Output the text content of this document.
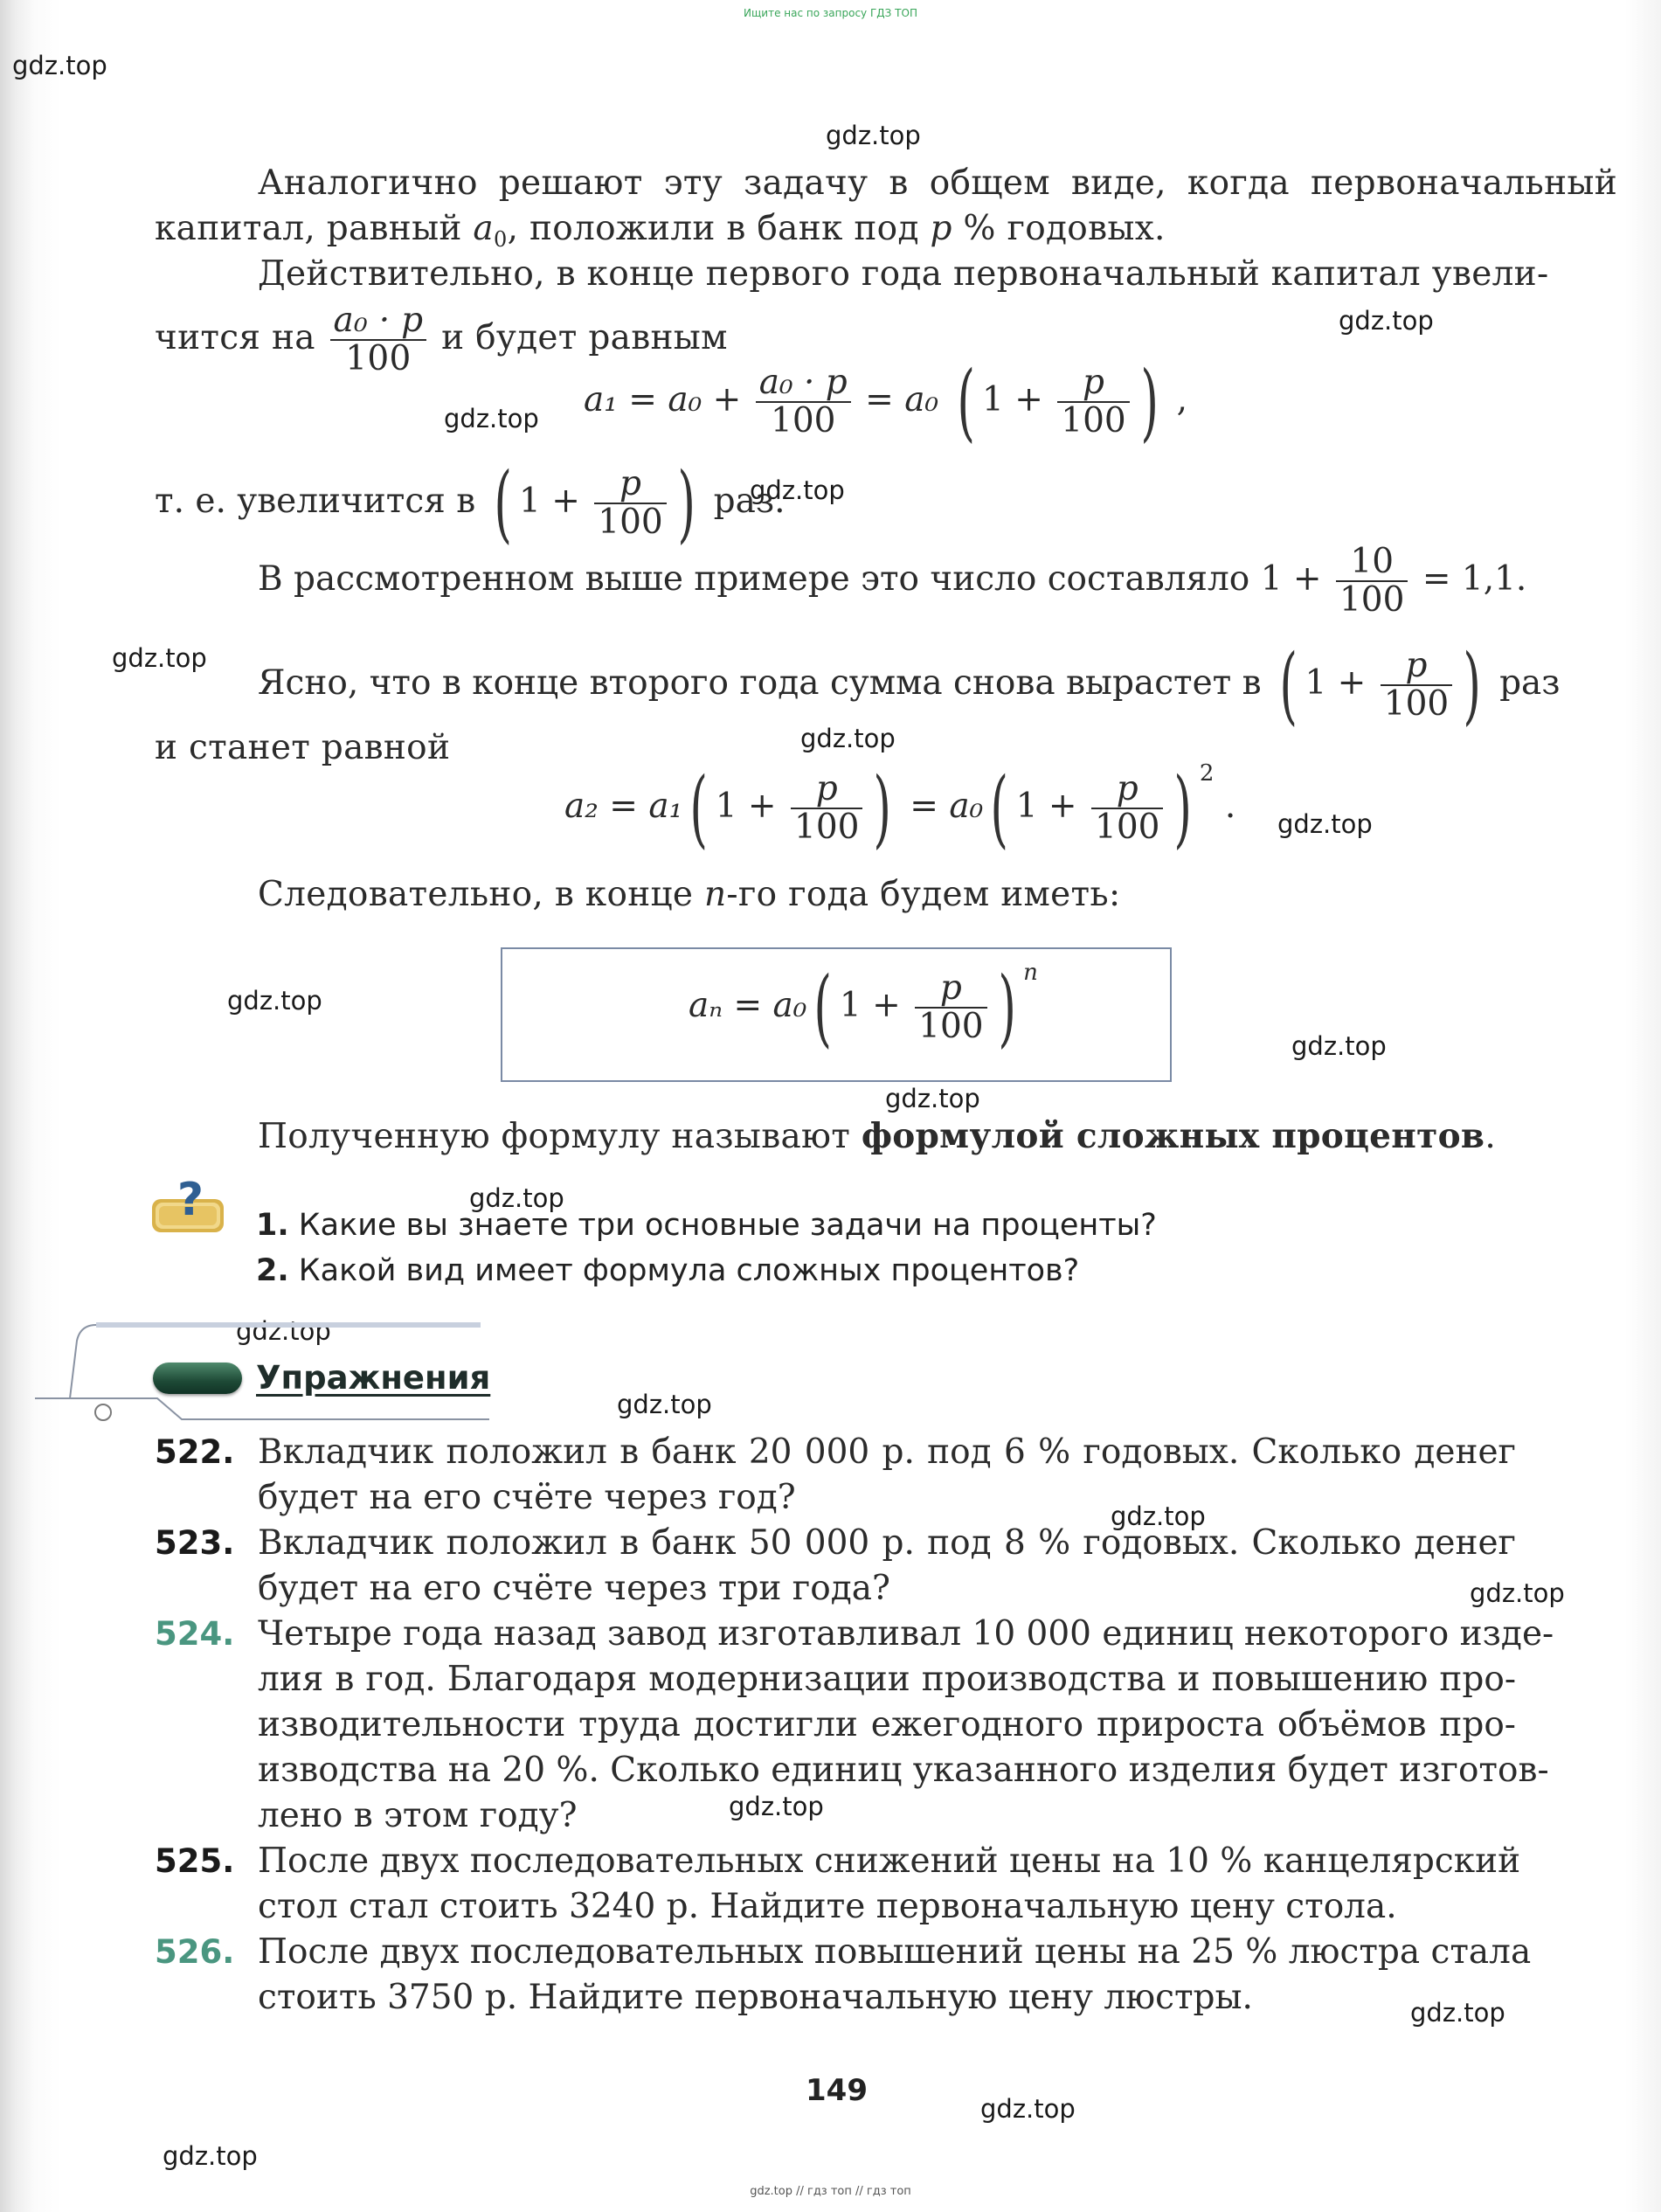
Ищите нас по запросу ГДЗ ТОП
gdz.top
gdz.top
gdz.top
gdz.top
gdz.top
gdz.top
gdz.top
gdz.top
gdz.top
gdz.top
gdz.top
gdz.top
gdz.top
gdz.top
gdz.top
gdz.top
gdz.top
gdz.top
gdz.top
gdz.top
Аналогично решают эту задачу в общем виде, когда первоначальный
капитал, равный $a_0$, положили в банк под p % годовых.
Действительно, в конце первого года первоначальный капитал увели-
чится на $\frac{\text{a₀ · p}}{100}$ и будет равным
$a_1 = a_0 + \frac{\text{a₀ · p}}{100} = a_0$ ( $1 + \frac{p}{100}$ ) ,
т. е. увеличится в ( $1 + \frac{p}{100}$ ) раз.
В рассмотренном выше примере это число составляло $1 + \frac{10}{100} = 1,1$.
Ясно, что в конце второго года сумма снова вырастет в ( $1 + \frac{p}{100}$ ) раз
и станет равной
a₂ = a₁( $1 + \frac{p}{100}$ ) = a₀( $1 + \frac{p}{100}$ ) $^2$ .
Следовательно, в конце n-го года будем иметь:
aₙ = a₀( $1 + \frac{p}{100}$ ) $^n$
Полученную формулу называют формулой сложных процентов.
? 1. Какие вы знаете три основные задачи на проценты?
2. Какой вид имеет формула сложных процентов?
Упражнения
522. Вкладчик положил в банк 20 000 р. под 6 % годовых. Сколько денег
будет на его счёте через год?
523. Вкладчик положил в банк 50 000 р. под 8 % годовых. Сколько денег
будет на его счёте через три года?
524. Четыре года назад завод изготавливал 10 000 единиц некоторого изде-
лия в год. Благодаря модернизации производства и повышению про-
изводительности труда достигли ежегодного прироста объёмов про-
изводства на 20 %. Сколько единиц указанного изделия будет изготов-
лено в этом году?
525. После двух последовательных снижений цены на 10 % канцелярский
стол стал стоить 3240 р. Найдите первоначальную цену стола.
526. После двух последовательных повышений цены на 25 % люстра стала
стоить 3750 р. Найдите первоначальную цену люстры.
149
gdz.top // гдз топ // гдз топ
